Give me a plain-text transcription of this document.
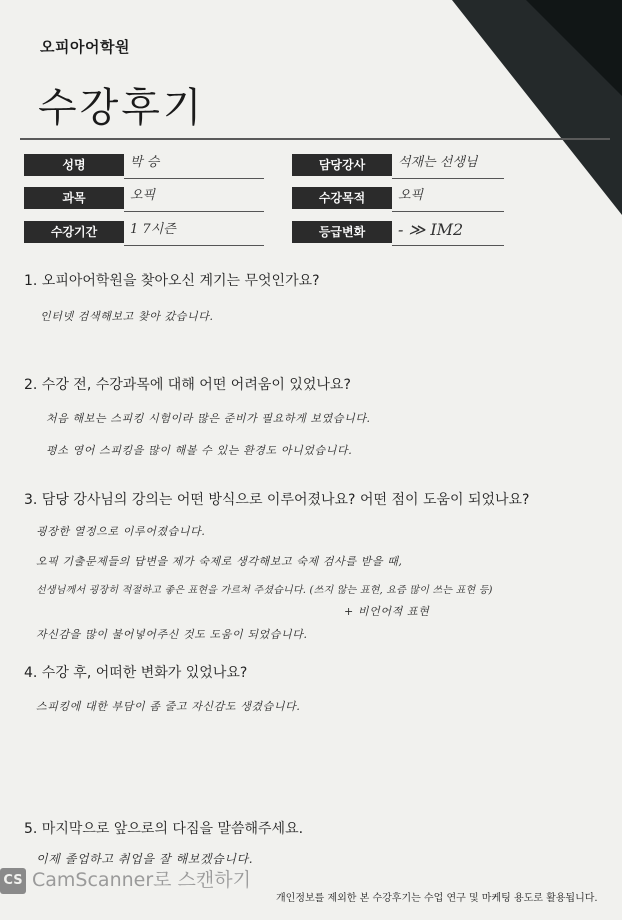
오피아어학원
수강후기
성명	박 승	담당강사	석재는 선생님
과목	오픽	수강목적	오픽
수강기간	1 7시즌	등급변화	- ≫ IM2
1. 오피아어학원을 찾아오신 계기는 무엇인가요?
인터넷 검색해보고 찾아 갔습니다.
2. 수강 전, 수강과목에 대해 어떤 어려움이 있었나요?
처음 해보는 스피킹 시험이라 많은 준비가 필요하게 보였습니다.
평소 영어 스피킹을 많이 해볼 수 있는 환경도 아니었습니다.
3. 담당 강사님의 강의는 어떤 방식으로 이루어졌나요? 어떤 점이 도움이 되었나요?
굉장한 열정으로 이루어졌습니다.
오픽 기출문제들의 답변을 제가 숙제로 생각해보고 숙제 검사를 받을 때,
선생님께서 굉장히 적절하고 좋은 표현을 가르쳐 주셨습니다. (쓰지 않는 표현, 요즘 많이 쓰는 표현 등)
+ 비언어적 표현
자신감을 많이 불어넣어주신 것도 도움이 되었습니다.
4. 수강 후, 어떠한 변화가 있었나요?
스피킹에 대한 부담이 좀 줄고 자신감도 생겼습니다.
5. 마지막으로 앞으로의 다짐을 말씀해주세요.
이제 졸업하고 취업을 잘 해보겠습니다.
CS CamScanner로 스캔하기
개인정보를 제외한 본 수강후기는 수업 연구 및 마케팅 용도로 활용됩니다.
